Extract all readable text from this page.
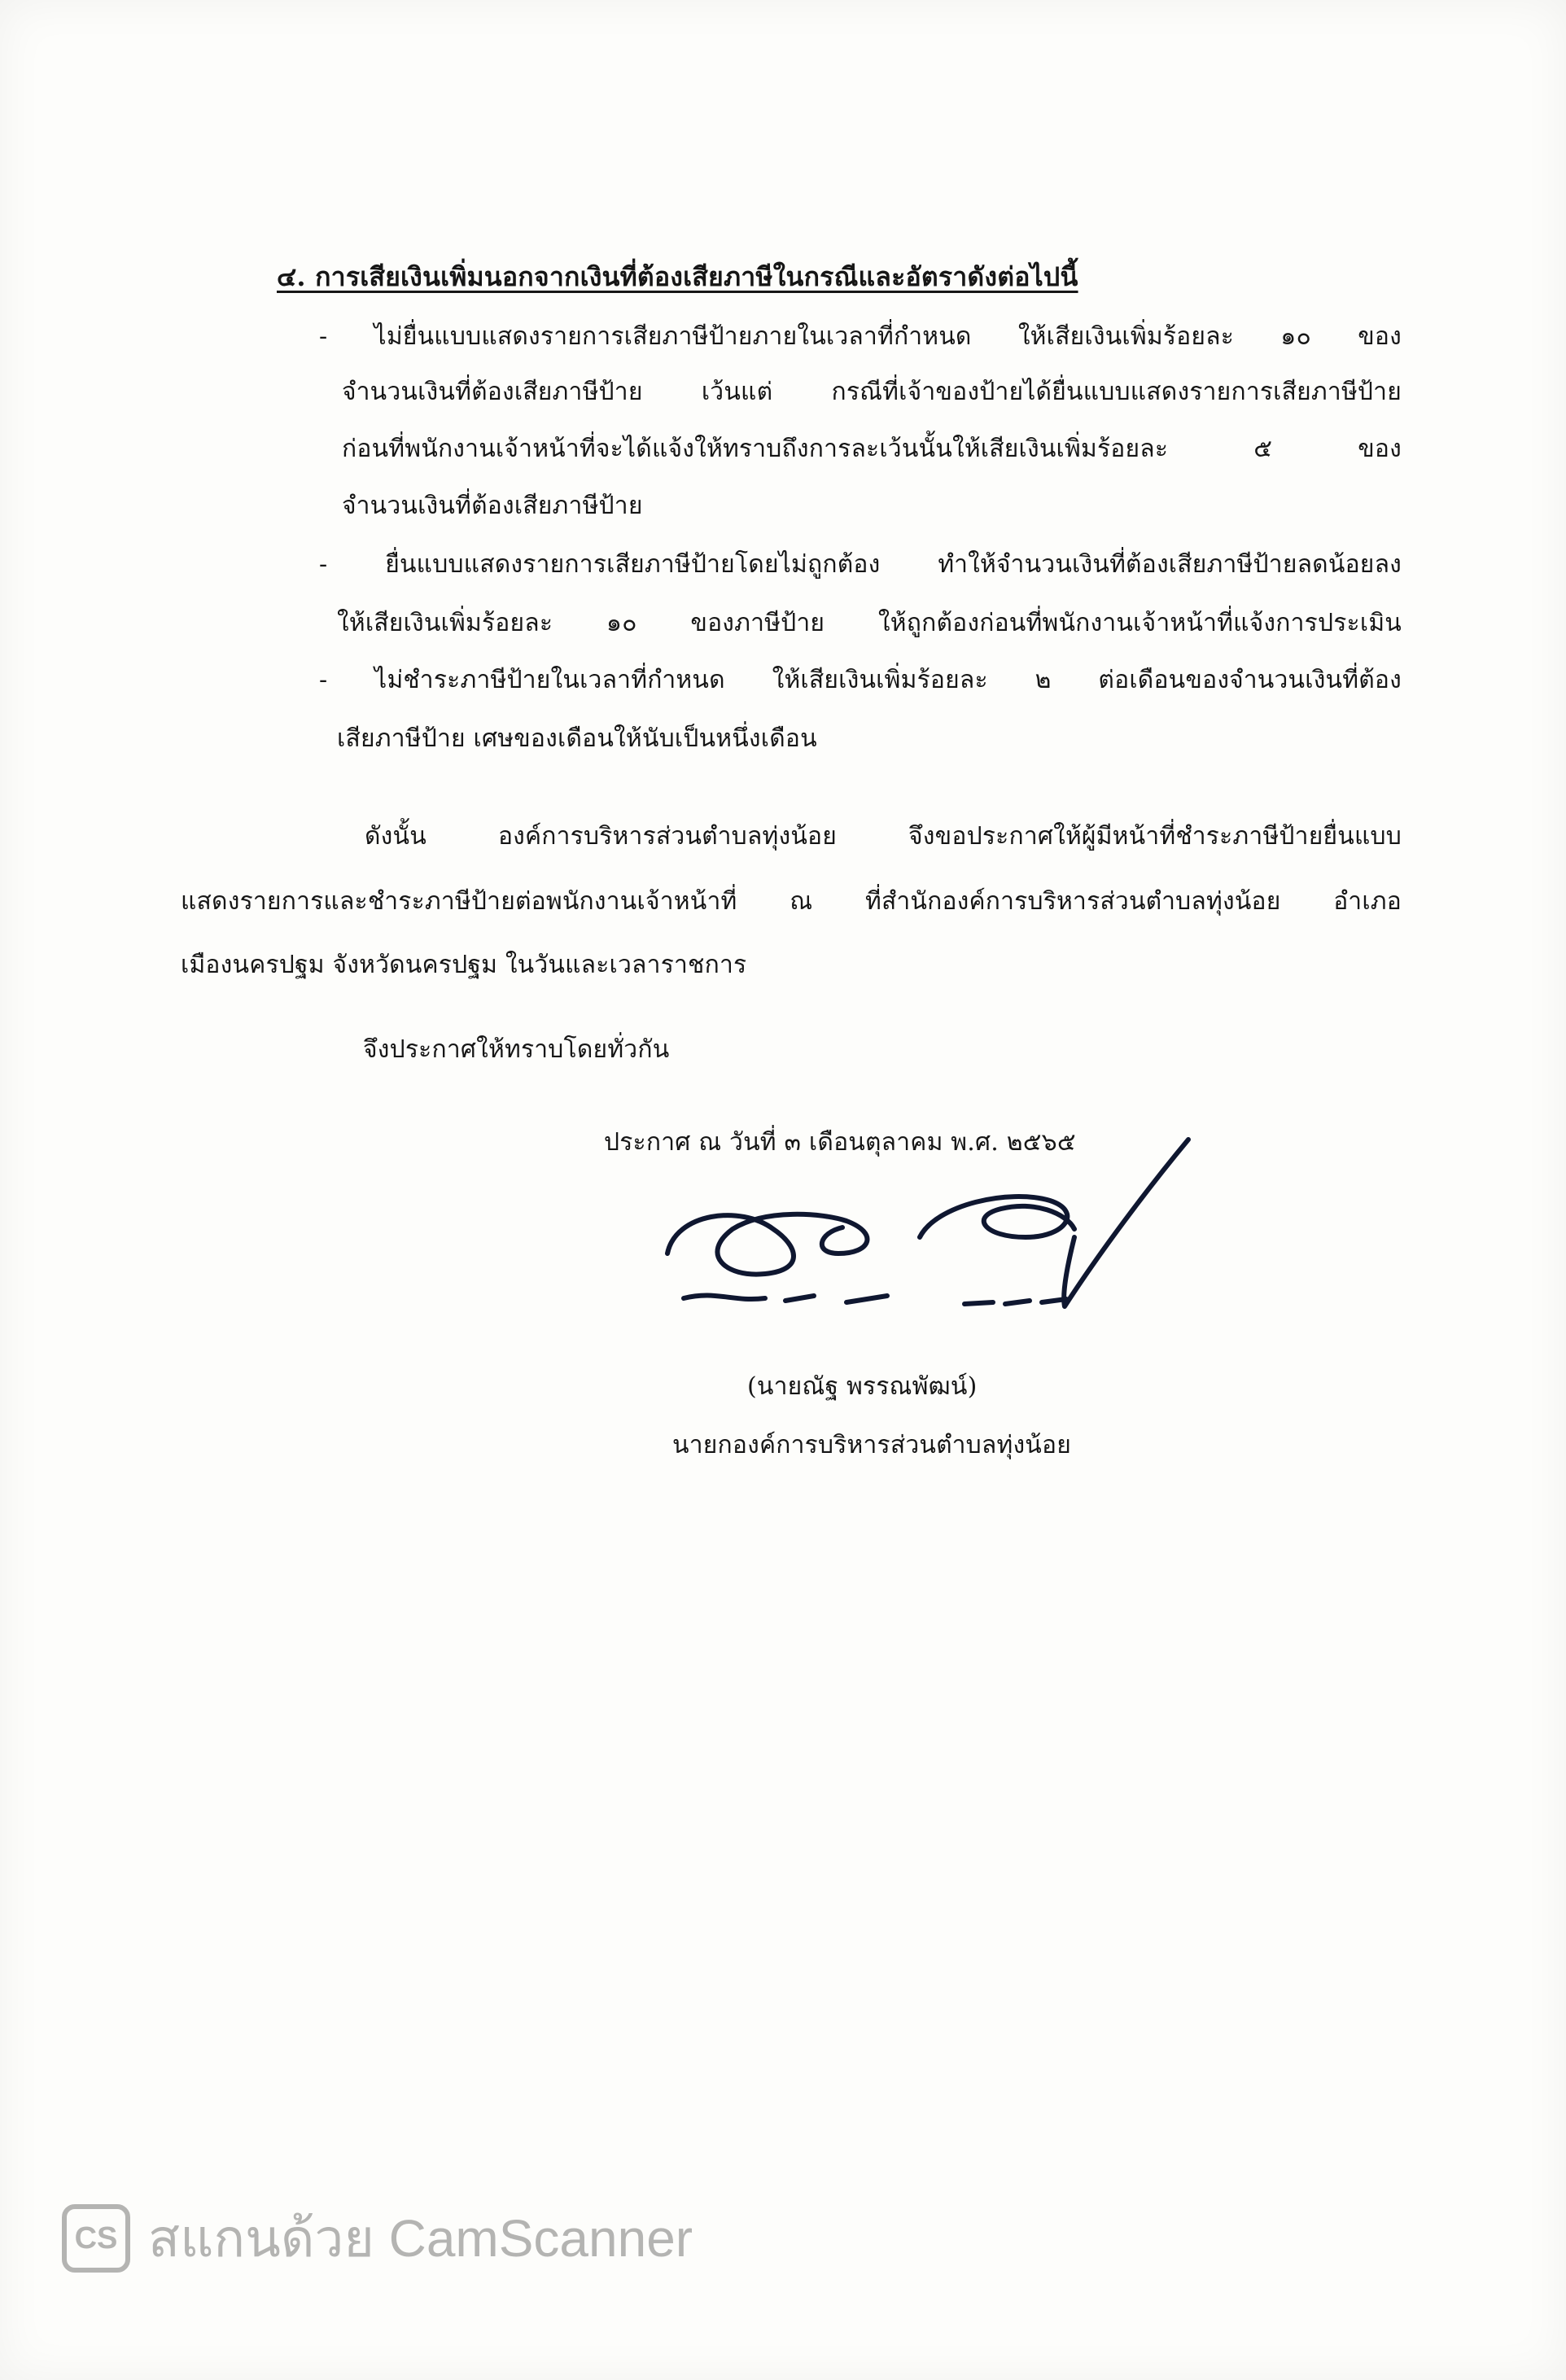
๔. การเสียเงินเพิ่มนอกจากเงินที่ต้องเสียภาษีในกรณีและอัตราดังต่อไปนี้
- ไม่ยื่นแบบแสดงรายการเสียภาษีป้ายภายในเวลาที่กำหนด ให้เสียเงินเพิ่มร้อยละ ๑๐ ของ
จำนวนเงินที่ต้องเสียภาษีป้าย เว้นแต่ กรณีที่เจ้าของป้ายได้ยื่นแบบแสดงรายการเสียภาษีป้าย
ก่อนที่พนักงานเจ้าหน้าที่จะได้แจ้งให้ทราบถึงการละเว้นนั้นให้เสียเงินเพิ่มร้อยละ ๕ ของ
จำนวนเงินที่ต้องเสียภาษีป้าย
- ยื่นแบบแสดงรายการเสียภาษีป้ายโดยไม่ถูกต้อง ทำให้จำนวนเงินที่ต้องเสียภาษีป้ายลดน้อยลง
ให้เสียเงินเพิ่มร้อยละ ๑๐ ของภาษีป้าย ให้ถูกต้องก่อนที่พนักงานเจ้าหน้าที่แจ้งการประเมิน
- ไม่ชำระภาษีป้ายในเวลาที่กำหนด ให้เสียเงินเพิ่มร้อยละ ๒ ต่อเดือนของจำนวนเงินที่ต้อง
เสียภาษีป้าย เศษของเดือนให้นับเป็นหนึ่งเดือน
ดังนั้น องค์การบริหารส่วนตำบลทุ่งน้อย จึงขอประกาศให้ผู้มีหน้าที่ชำระภาษีป้ายยื่นแบบ
แสดงรายการและชำระภาษีป้ายต่อพนักงานเจ้าหน้าที่ ณ ที่สำนักองค์การบริหารส่วนตำบลทุ่งน้อย อำเภอ
เมืองนครปฐม จังหวัดนครปฐม ในวันและเวลาราชการ
จึงประกาศให้ทราบโดยทั่วกัน
ประกาศ ณ วันที่ ๓ เดือนตุลาคม พ.ศ. ๒๕๖๕
(นายณัฐ พรรณพัฒน์)
นายกองค์การบริหารส่วนตำบลทุ่งน้อย
CS สแกนด้วย CamScanner
